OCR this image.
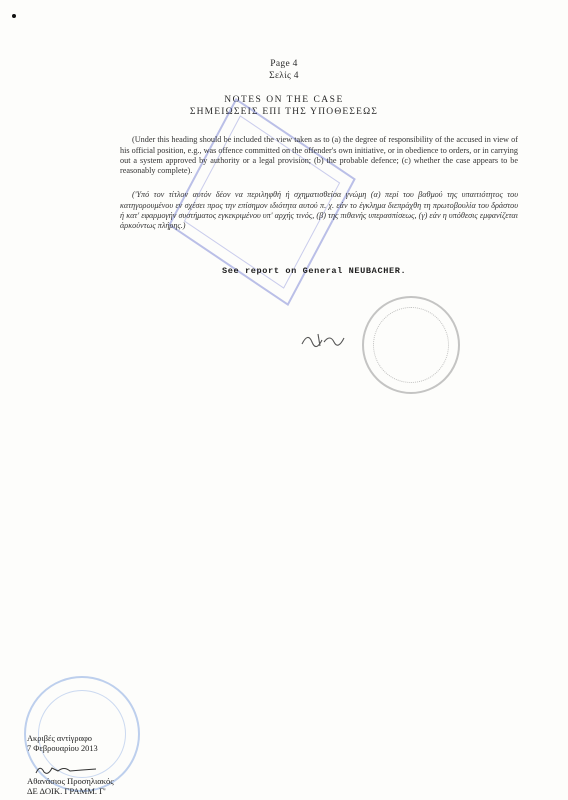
Page 4
Σελίς 4
NOTES ON THE CASE
ΣΗΜΕΙΩΣΕΙΣ ΕΠΙ ΤΗΣ ΥΠΟΘΕΣΕΩΣ

(Under this heading should be included the view taken as to (a) the degree of responsibility of the accused in view of his official position, e.g., was offence committed on the offender's own initiative, or in obedience to orders, or in carrying out a system approved by authority or a legal provision; (b) the probable defence; (c) whether the case appears to be reasonably complete).

('Υπό τον τίτλον αυτόν δέον να περιληφθή ή σχηματισθείσα γνώμη (α) περί του βαθμού της υπαιτιότητος του κατηγορουμένου εν σχέσει προς την επίσημον ιδιότητα αυτού π. χ. εάν το έγκλημα διεπράχθη τη πρωτοβουλία του δράστου ή κατ' εφαρμογήν συστήματος εγκεκριμένου υπ' αρχής τινός, (β) της πιθανής υπερασπίσεως, (γ) εάν η υπόθεσις εμφανίζεται άρκούντως πλήρης.)

See report on General NEUBACHER.
Ακριβές αντίγραφο
7 Φεβρουαρίου 2013
Αθανάσιος Προσηλιακός
ΔΕ ΔΟΙΚ. ΓΡΑΜΜ. Γ'
